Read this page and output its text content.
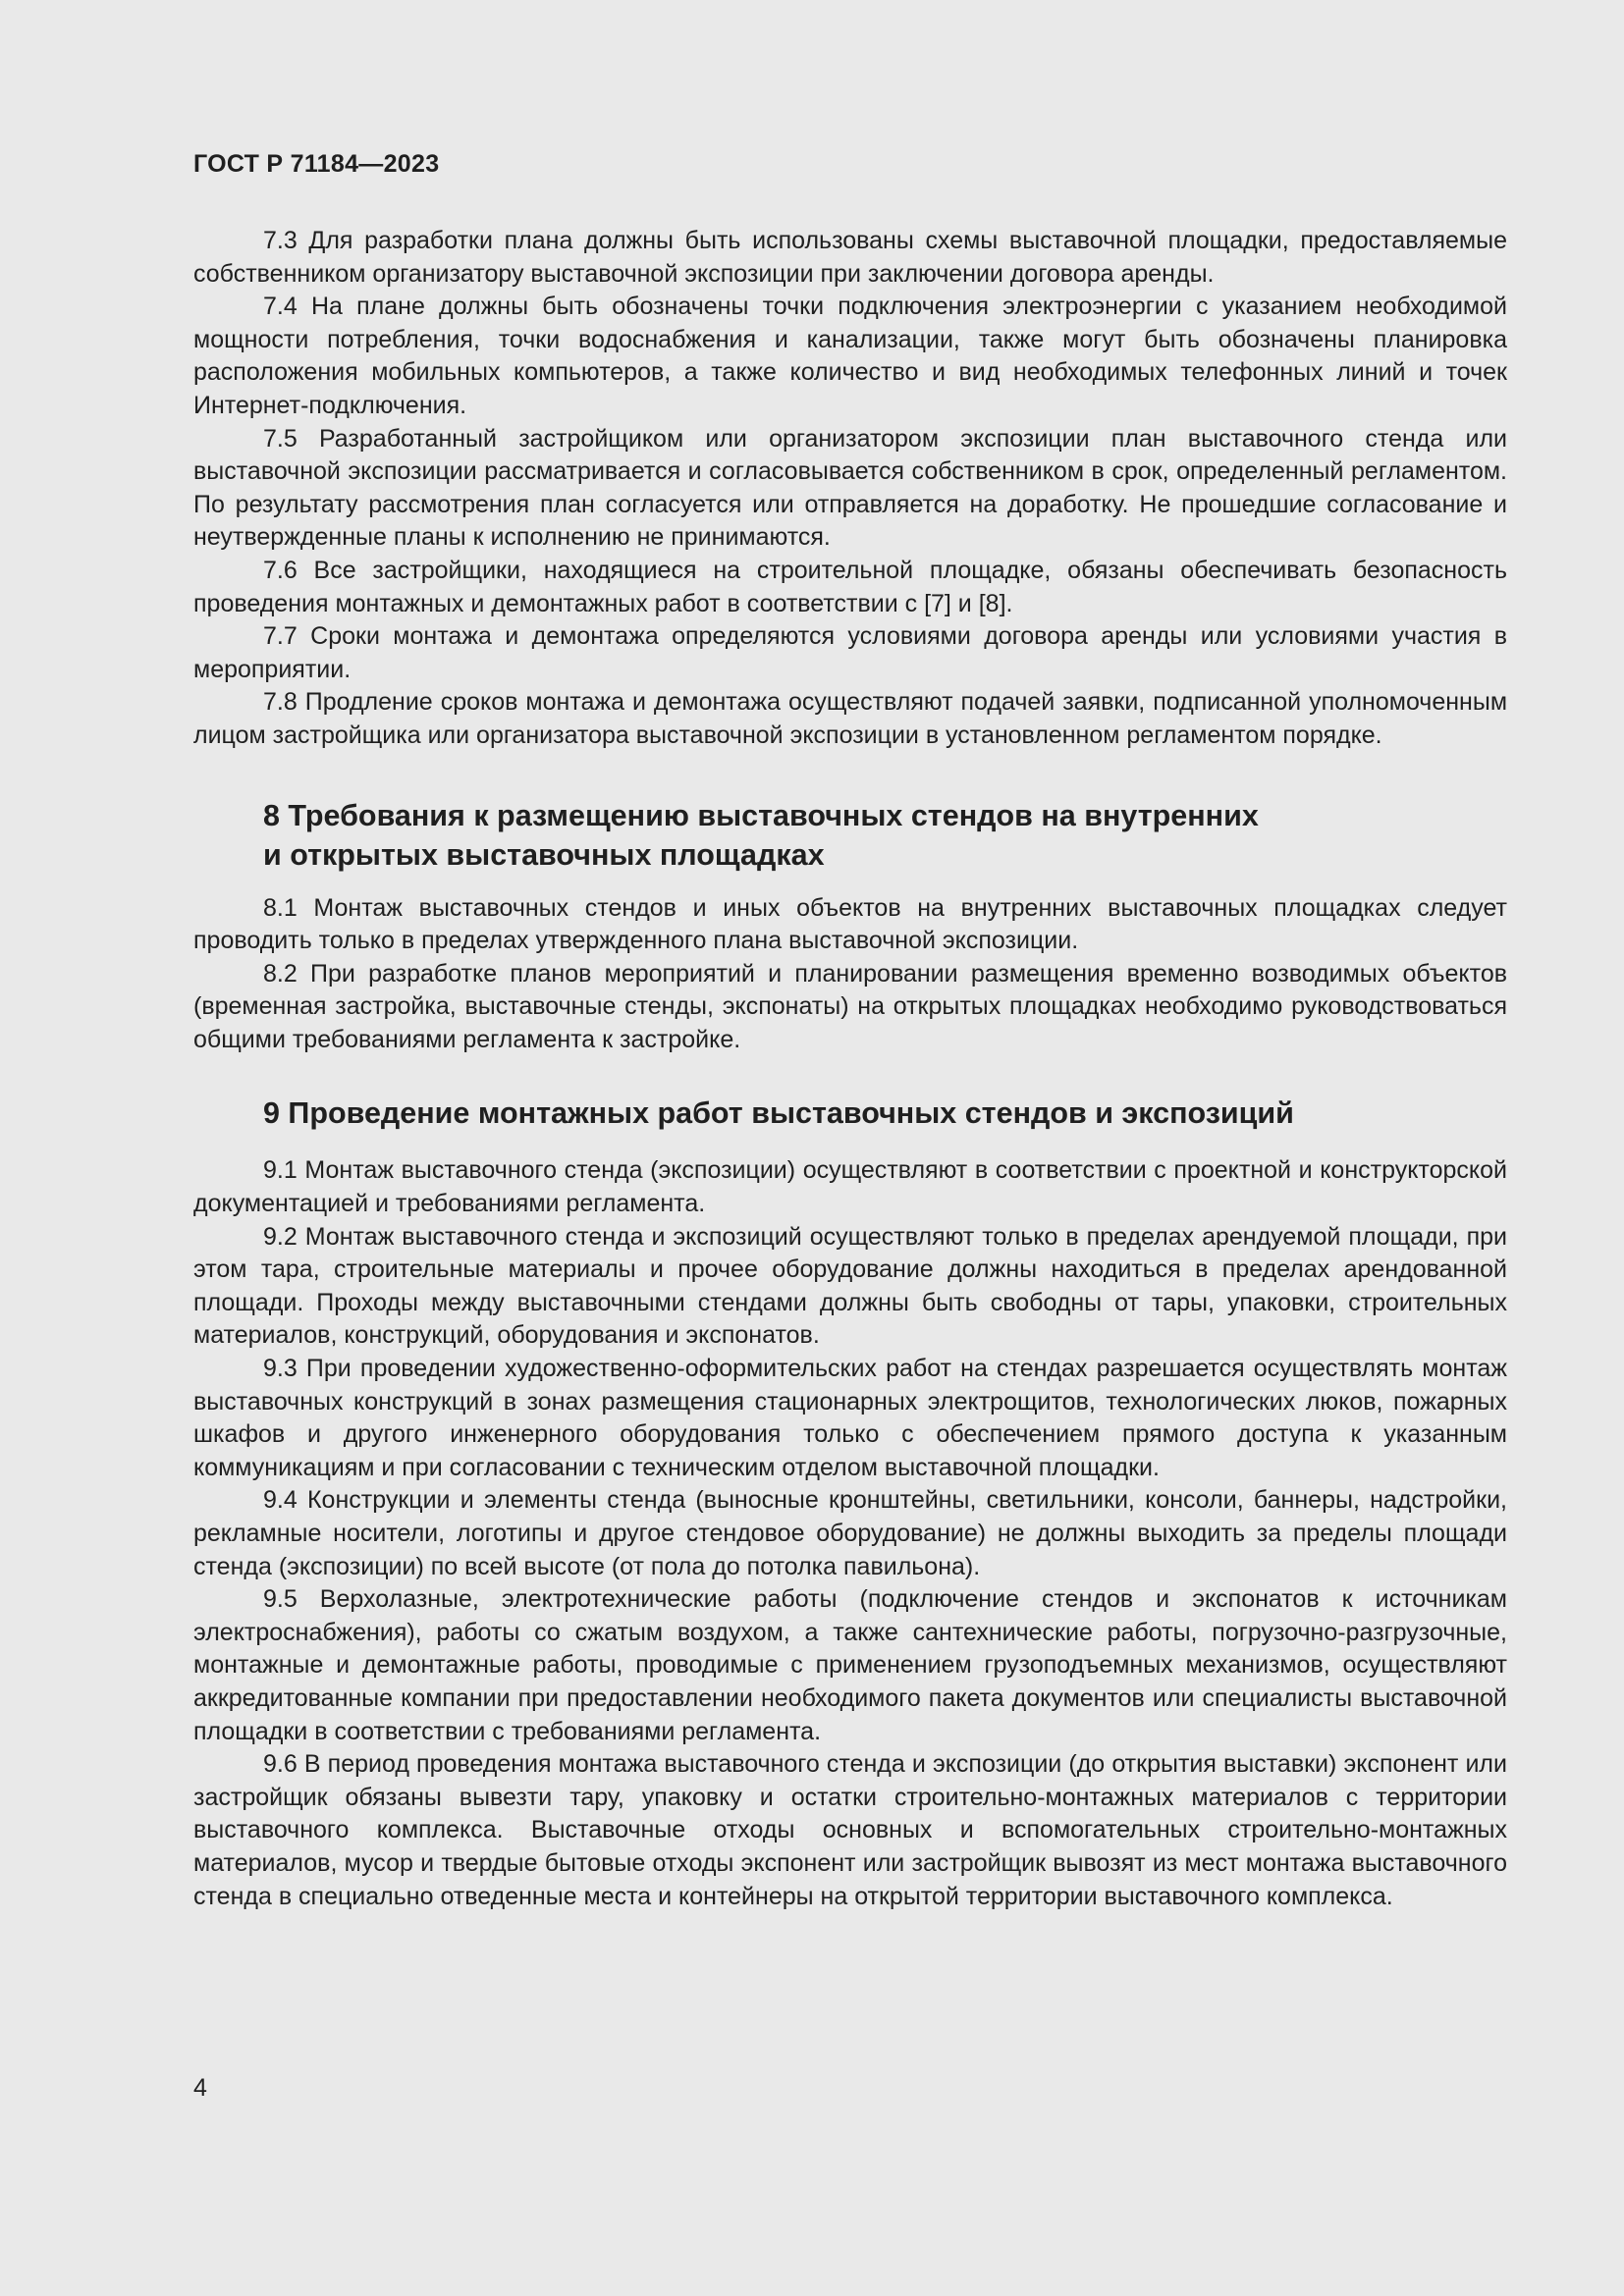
ГОСТ Р 71184—2023

7.3 Для разработки плана должны быть использованы схемы выставочной площадки, предоставляемые собственником организатору выставочной экспозиции при заключении договора аренды.

7.4 На плане должны быть обозначены точки подключения электроэнергии с указанием необходимой мощности потребления, точки водоснабжения и канализации, также могут быть обозначены планировка расположения мобильных компьютеров, а также количество и вид необходимых телефонных линий и точек Интернет-подключения.

7.5 Разработанный застройщиком или организатором экспозиции план выставочного стенда или выставочной экспозиции рассматривается и согласовывается собственником в срок, определенный регламентом. По результату рассмотрения план согласуется или отправляется на доработку. Не прошедшие согласование и неутвержденные планы к исполнению не принимаются.

7.6 Все застройщики, находящиеся на строительной площадке, обязаны обеспечивать безопасность проведения монтажных и демонтажных работ в соответствии с [7] и [8].

7.7 Сроки монтажа и демонтажа определяются условиями договора аренды или условиями участия в мероприятии.

7.8 Продление сроков монтажа и демонтажа осуществляют подачей заявки, подписанной уполномоченным лицом застройщика или организатора выставочной экспозиции в установленном регламентом порядке.

8 Требования к размещению выставочных стендов на внутренних
и открытых выставочных площадках

8.1 Монтаж выставочных стендов и иных объектов на внутренних выставочных площадках следует проводить только в пределах утвержденного плана выставочной экспозиции.

8.2 При разработке планов мероприятий и планировании размещения временно возводимых объектов (временная застройка, выставочные стенды, экспонаты) на открытых площадках необходимо руководствоваться общими требованиями регламента к застройке.

9 Проведение монтажных работ выставочных стендов и экспозиций

9.1 Монтаж выставочного стенда (экспозиции) осуществляют в соответствии с проектной и конструкторской документацией и требованиями регламента.

9.2 Монтаж выставочного стенда и экспозиций осуществляют только в пределах арендуемой площади, при этом тара, строительные материалы и прочее оборудование должны находиться в пределах арендованной площади. Проходы между выставочными стендами должны быть свободны от тары, упаковки, строительных материалов, конструкций, оборудования и экспонатов.

9.3 При проведении художественно-оформительских работ на стендах разрешается осуществлять монтаж выставочных конструкций в зонах размещения стационарных электрощитов, технологических люков, пожарных шкафов и другого инженерного оборудования только с обеспечением прямого доступа к указанным коммуникациям и при согласовании с техническим отделом выставочной площадки.

9.4 Конструкции и элементы стенда (выносные кронштейны, светильники, консоли, баннеры, надстройки, рекламные носители, логотипы и другое стендовое оборудование) не должны выходить за пределы площади стенда (экспозиции) по всей высоте (от пола до потолка павильона).

9.5 Верхолазные, электротехнические работы (подключение стендов и экспонатов к источникам электроснабжения), работы со сжатым воздухом, а также сантехнические работы, погрузочно-разгрузочные, монтажные и демонтажные работы, проводимые с применением грузоподъемных механизмов, осуществляют аккредитованные компании при предоставлении необходимого пакета документов или специалисты выставочной площадки в соответствии с требованиями регламента.

9.6 В период проведения монтажа выставочного стенда и экспозиции (до открытия выставки) экспонент или застройщик обязаны вывезти тару, упаковку и остатки строительно-монтажных материалов с территории выставочного комплекса. Выставочные отходы основных и вспомогательных строительно-монтажных материалов, мусор и твердые бытовые отходы экспонент или застройщик вывозят из мест монтажа выставочного стенда в специально отведенные места и контейнеры на открытой территории выставочного комплекса.

4
